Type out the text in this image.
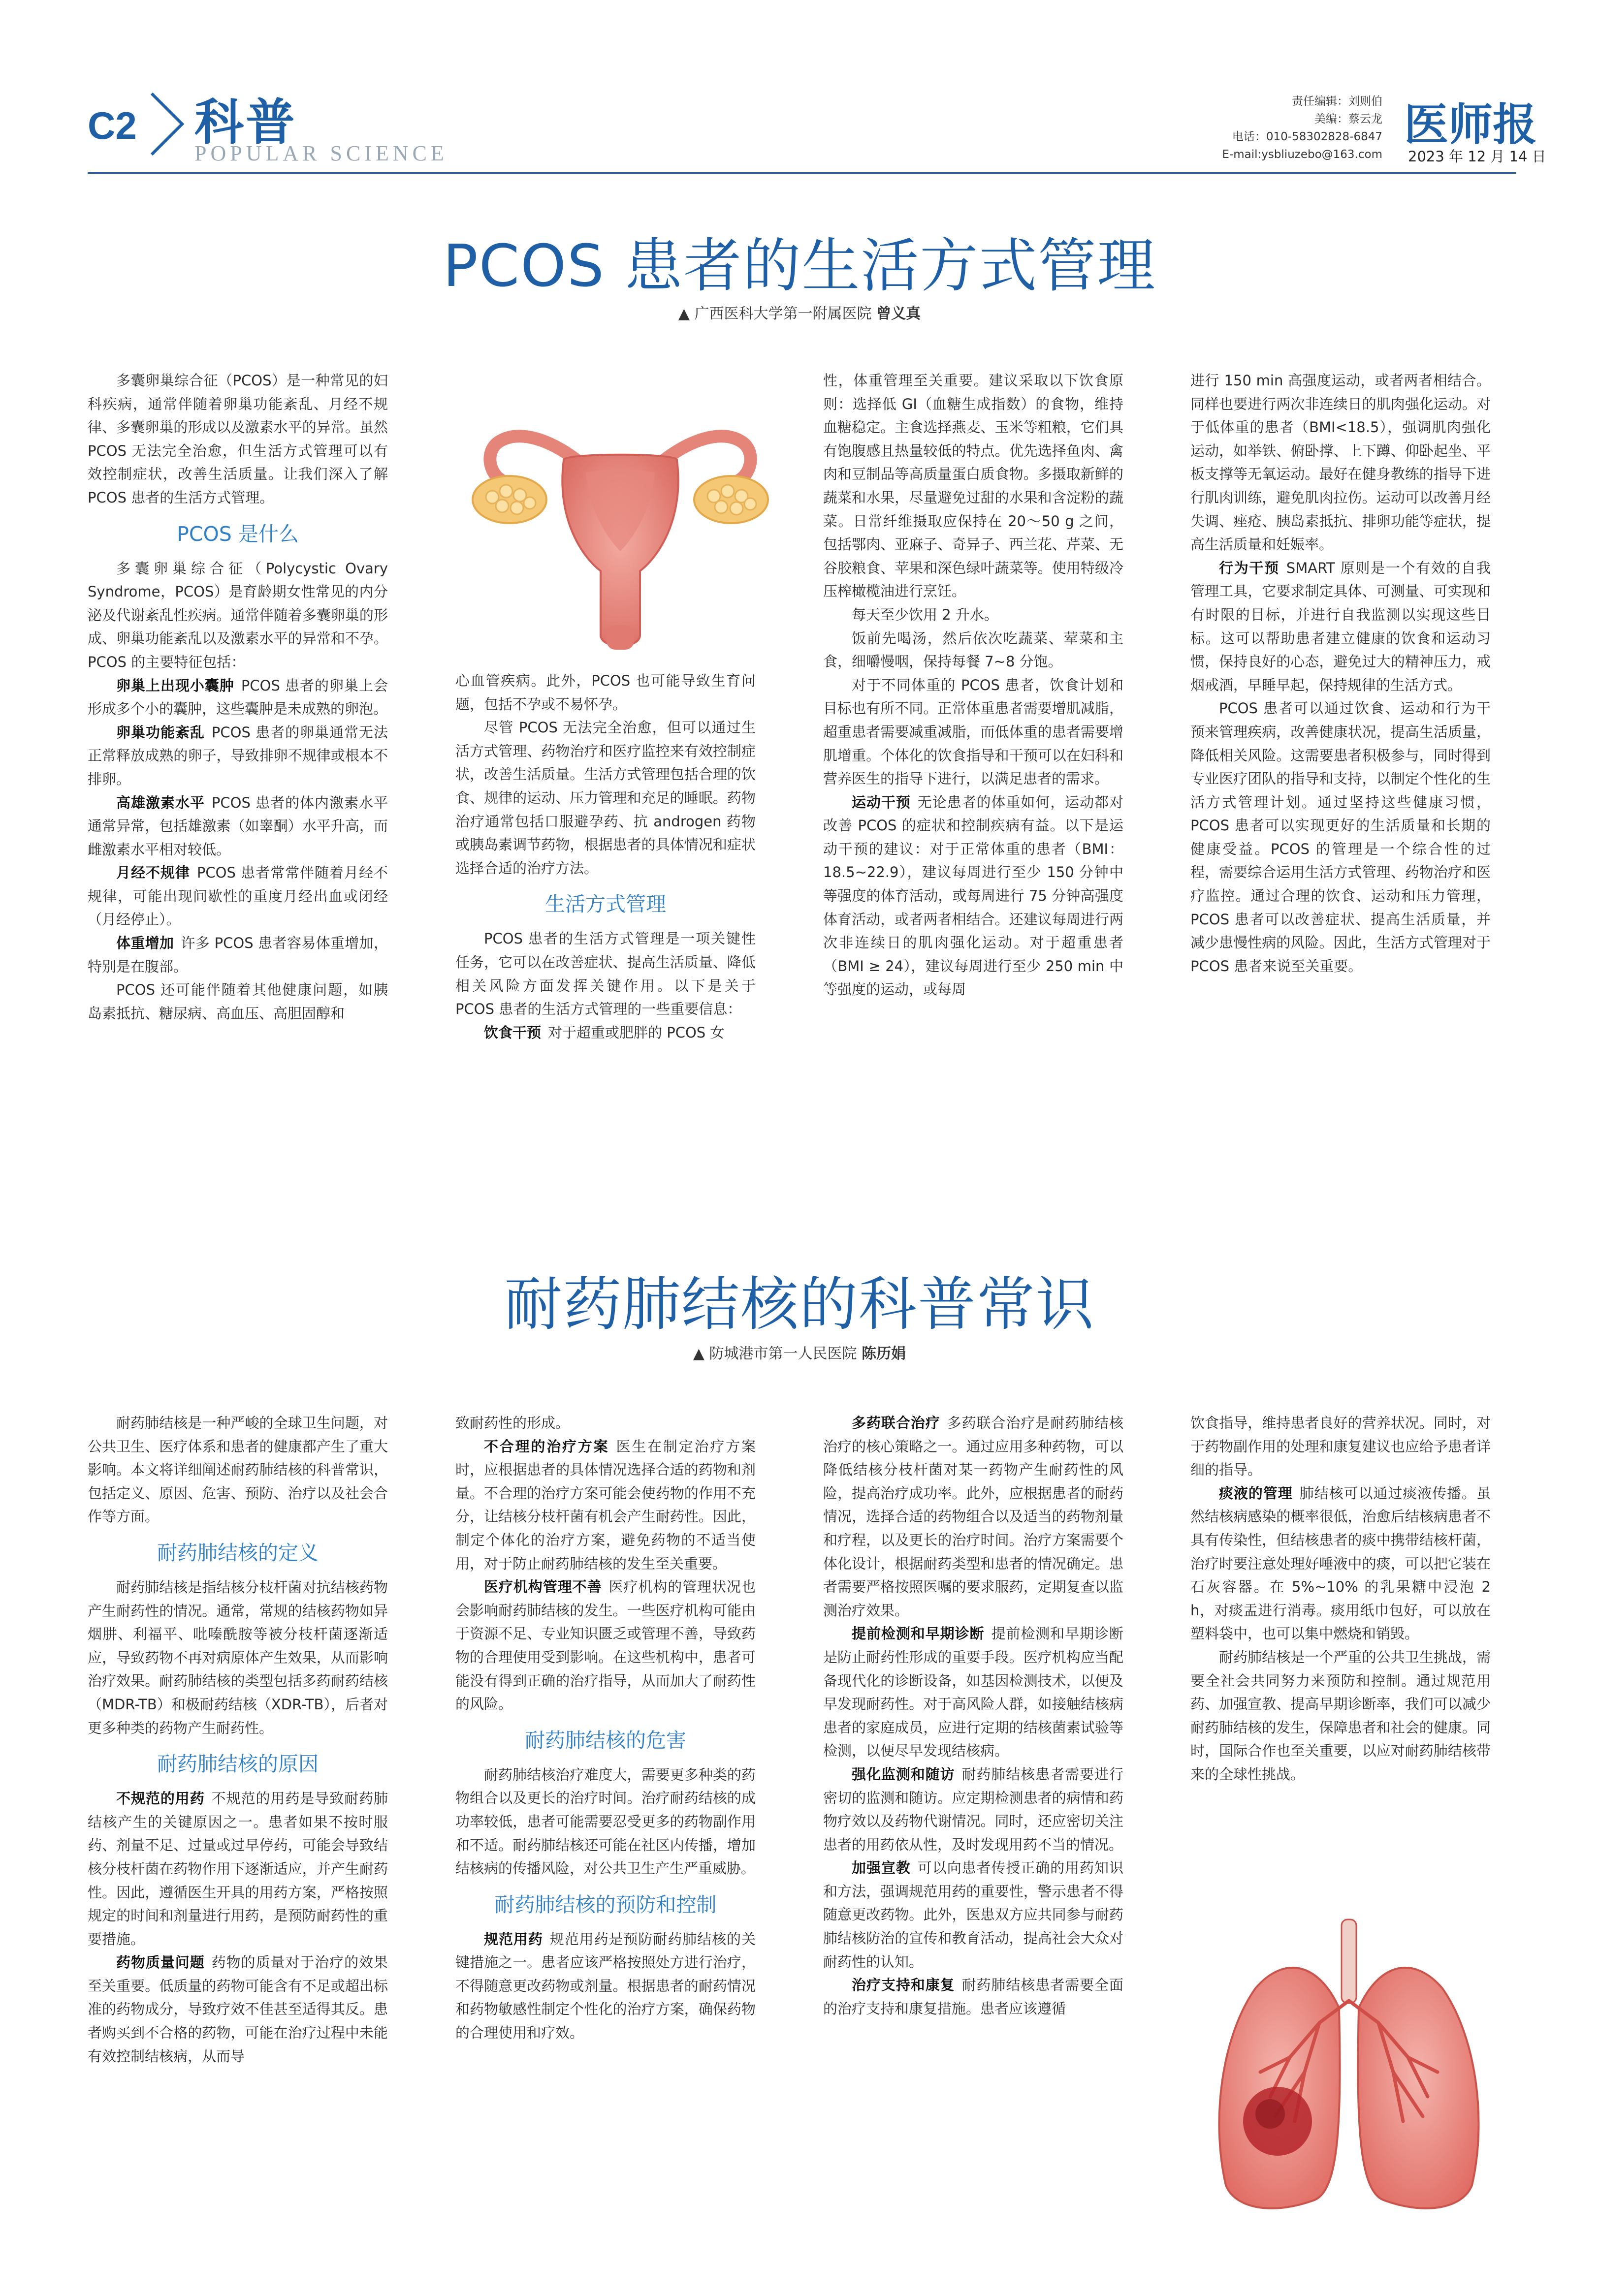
C2 科普
POPULAR SCIENCE
责任编辑：刘则伯
美编：蔡云龙
电话：010-58302828-6847
E-mail:ysbliuzebo@163.com
医师报
2023 年 12 月 14 日
PCOS 患者的生活方式管理
▲ 广西医科大学第一附属医院 曾义真

多囊卵巢综合征（PCOS）是一种常见的妇科疾病，通常伴随着卵巢功能紊乱、月经不规律、多囊卵巢的形成以及激素水平的异常。虽然 PCOS 无法完全治愈，但生活方式管理可以有效控制症状，改善生活质量。让我们深入了解 PCOS 患者的生活方式管理。

PCOS 是什么

多囊卵巢综合征（Polycystic Ovary Syndrome，PCOS）是育龄期女性常见的内分泌及代谢紊乱性疾病。通常伴随着多囊卵巢的形成、卵巢功能紊乱以及激素水平的异常和不孕。PCOS 的主要特征包括：

卵巢上出现小囊肿 PCOS 患者的卵巢上会形成多个小的囊肿，这些囊肿是未成熟的卵泡。

卵巢功能紊乱 PCOS 患者的卵巢通常无法正常释放成熟的卵子，导致排卵不规律或根本不排卵。

高雄激素水平 PCOS 患者的体内激素水平通常异常，包括雄激素（如睾酮）水平升高，而雌激素水平相对较低。

月经不规律 PCOS 患者常常伴随着月经不规律，可能出现间歇性的重度月经出血或闭经（月经停止）。

体重增加 许多 PCOS 患者容易体重增加，特别是在腹部。

PCOS 还可能伴随着其他健康问题，如胰岛素抵抗、糖尿病、高血压、高胆固醇和

心血管疾病。此外，PCOS 也可能导致生育问题，包括不孕或不易怀孕。

尽管 PCOS 无法完全治愈，但可以通过生活方式管理、药物治疗和医疗监控来有效控制症状，改善生活质量。生活方式管理包括合理的饮食、规律的运动、压力管理和充足的睡眠。药物治疗通常包括口服避孕药、抗 androgen 药物或胰岛素调节药物，根据患者的具体情况和症状选择合适的治疗方法。

生活方式管理

PCOS 患者的生活方式管理是一项关键性任务，它可以在改善症状、提高生活质量、降低相关风险方面发挥关键作用。以下是关于 PCOS 患者的生活方式管理的一些重要信息：

饮食干预 对于超重或肥胖的 PCOS 女

性，体重管理至关重要。建议采取以下饮食原则：选择低 GI（血糖生成指数）的食物，维持血糖稳定。主食选择燕麦、玉米等粗粮，它们具有饱腹感且热量较低的特点。优先选择鱼肉、禽肉和豆制品等高质量蛋白质食物。多摄取新鲜的蔬菜和水果，尽量避免过甜的水果和含淀粉的蔬菜。日常纤维摄取应保持在 20～50 g 之间，包括鄂肉、亚麻子、奇异子、西兰花、芹菜、无谷胶粮食、苹果和深色绿叶蔬菜等。使用特级冷压榨橄榄油进行烹饪。

每天至少饮用 2 升水。

饭前先喝汤，然后依次吃蔬菜、荤菜和主食，细嚼慢咽，保持每餐 7~8 分饱。

对于不同体重的 PCOS 患者，饮食计划和目标也有所不同。正常体重患者需要增肌减脂，超重患者需要减重减脂，而低体重的患者需要增肌增重。个体化的饮食指导和干预可以在妇科和营养医生的指导下进行，以满足患者的需求。

运动干预 无论患者的体重如何，运动都对改善 PCOS 的症状和控制疾病有益。以下是运动干预的建议：对于正常体重的患者（BMI：18.5~22.9），建议每周进行至少 150 分钟中等强度的体育活动，或每周进行 75 分钟高强度体育活动，或者两者相结合。还建议每周进行两次非连续日的肌肉强化运动。对于超重患者（BMI ≥ 24），建议每周进行至少 250 min 中等强度的运动，或每周

进行 150 min 高强度运动，或者两者相结合。同样也要进行两次非连续日的肌肉强化运动。对于低体重的患者（BMI<18.5），强调肌肉强化运动，如举铁、俯卧撑、上下蹲、仰卧起坐、平板支撑等无氧运动。最好在健身教练的指导下进行肌肉训练，避免肌肉拉伤。运动可以改善月经失调、痤疮、胰岛素抵抗、排卵功能等症状，提高生活质量和妊娠率。

行为干预 SMART 原则是一个有效的自我管理工具，它要求制定具体、可测量、可实现和有时限的目标，并进行自我监测以实现这些目标。这可以帮助患者建立健康的饮食和运动习惯，保持良好的心态，避免过大的精神压力，戒烟戒酒，早睡早起，保持规律的生活方式。

PCOS 患者可以通过饮食、运动和行为干预来管理疾病，改善健康状况，提高生活质量，降低相关风险。这需要患者积极参与，同时得到专业医疗团队的指导和支持，以制定个性化的生活方式管理计划。通过坚持这些健康习惯，PCOS 患者可以实现更好的生活质量和长期的健康受益。PCOS 的管理是一个综合性的过程，需要综合运用生活方式管理、药物治疗和医疗监控。通过合理的饮食、运动和压力管理，PCOS 患者可以改善症状、提高生活质量，并减少患慢性病的风险。因此，生活方式管理对于 PCOS 患者来说至关重要。

耐药肺结核的科普常识
▲ 防城港市第一人民医院 陈历娟

耐药肺结核是一种严峻的全球卫生问题，对公共卫生、医疗体系和患者的健康都产生了重大影响。本文将详细阐述耐药肺结核的科普常识，包括定义、原因、危害、预防、治疗以及社会合作等方面。

耐药肺结核的定义

耐药肺结核是指结核分枝杆菌对抗结核药物产生耐药性的情况。通常，常规的结核药物如异烟肼、利福平、吡嗪酰胺等被分枝杆菌逐渐适应，导致药物不再对病原体产生效果，从而影响治疗效果。耐药肺结核的类型包括多药耐药结核（MDR-TB）和极耐药结核（XDR-TB），后者对更多种类的药物产生耐药性。

耐药肺结核的原因

不规范的用药 不规范的用药是导致耐药肺结核产生的关键原因之一。患者如果不按时服药、剂量不足、过量或过早停药，可能会导致结核分枝杆菌在药物作用下逐渐适应，并产生耐药性。因此，遵循医生开具的用药方案，严格按照规定的时间和剂量进行用药，是预防耐药性的重要措施。

药物质量问题 药物的质量对于治疗的效果至关重要。低质量的药物可能含有不足或超出标准的药物成分，导致疗效不佳甚至适得其反。患者购买到不合格的药物，可能在治疗过程中未能有效控制结核病，从而导

致耐药性的形成。

不合理的治疗方案 医生在制定治疗方案时，应根据患者的具体情况选择合适的药物和剂量。不合理的治疗方案可能会使药物的作用不充分，让结核分枝杆菌有机会产生耐药性。因此，制定个体化的治疗方案，避免药物的不适当使用，对于防止耐药肺结核的发生至关重要。

医疗机构管理不善 医疗机构的管理状况也会影响耐药肺结核的发生。一些医疗机构可能由于资源不足、专业知识匮乏或管理不善，导致药物的合理使用受到影响。在这些机构中，患者可能没有得到正确的治疗指导，从而加大了耐药性的风险。

耐药肺结核的危害

耐药肺结核治疗难度大，需要更多种类的药物组合以及更长的治疗时间。治疗耐药结核的成功率较低，患者可能需要忍受更多的药物副作用和不适。耐药肺结核还可能在社区内传播，增加结核病的传播风险，对公共卫生产生严重威胁。

耐药肺结核的预防和控制

规范用药 规范用药是预防耐药肺结核的关键措施之一。患者应该严格按照处方进行治疗，不得随意更改药物或剂量。根据患者的耐药情况和药物敏感性制定个性化的治疗方案，确保药物的合理使用和疗效。

多药联合治疗 多药联合治疗是耐药肺结核治疗的核心策略之一。通过应用多种药物，可以降低结核分枝杆菌对某一药物产生耐药性的风险，提高治疗成功率。此外，应根据患者的耐药情况，选择合适的药物组合以及适当的药物剂量和疗程，以及更长的治疗时间。治疗方案需要个体化设计，根据耐药类型和患者的情况确定。患者需要严格按照医嘱的要求服药，定期复查以监测治疗效果。

提前检测和早期诊断 提前检测和早期诊断是防止耐药性形成的重要手段。医疗机构应当配备现代化的诊断设备，如基因检测技术，以便及早发现耐药性。对于高风险人群，如接触结核病患者的家庭成员，应进行定期的结核菌素试验等检测，以便尽早发现结核病。

强化监测和随访 耐药肺结核患者需要进行密切的监测和随访。应定期检测患者的病情和药物疗效以及药物代谢情况。同时，还应密切关注患者的用药依从性，及时发现用药不当的情况。

加强宣教 可以向患者传授正确的用药知识和方法，强调规范用药的重要性，警示患者不得随意更改药物。此外，医患双方应共同参与耐药肺结核防治的宣传和教育活动，提高社会大众对耐药性的认知。

治疗支持和康复 耐药肺结核患者需要全面的治疗支持和康复措施。患者应该遵循

饮食指导，维持患者良好的营养状况。同时，对于药物副作用的处理和康复建议也应给予患者详细的指导。

痰液的管理 肺结核可以通过痰液传播。虽然结核病感染的概率很低，治愈后结核病患者不具有传染性，但结核患者的痰中携带结核杆菌，治疗时要注意处理好唾液中的痰，可以把它装在石灰容器。在 5%~10% 的乳果糖中浸泡 2 h，对痰盂进行消毒。痰用纸巾包好，可以放在塑料袋中，也可以集中燃烧和销毁。

耐药肺结核是一个严重的公共卫生挑战，需要全社会共同努力来预防和控制。通过规范用药、加强宣教、提高早期诊断率，我们可以减少耐药肺结核的发生，保障患者和社会的健康。同时，国际合作也至关重要，以应对耐药肺结核带来的全球性挑战。
